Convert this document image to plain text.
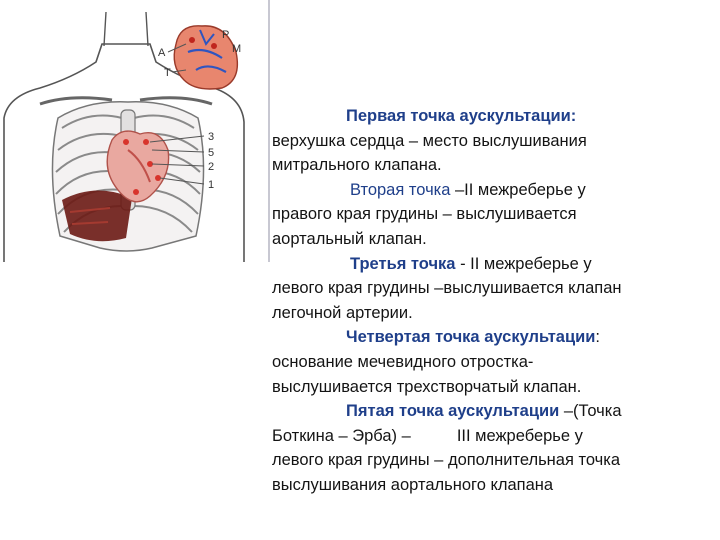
А
P
M
T
3
5
2
1
Первая точка аускультации:
верхушка сердца – место выслушивания
митрального клапана.
Вторая точка –II межреберье у
правого края грудины – выслушивается
аортальный клапан.
Третья точка - II межреберье у
левого края грудины –выслушивается клапан
легочной артерии.
Четвертая точка аускультации:
основание мечевидного отростка-
выслушивается трехстворчатый клапан.
Пятая точка аускультации –(Точка
Боткина – Эрба) –	III межреберье у
левого края грудины – дополнительная точка
выслушивания аортального клапана
